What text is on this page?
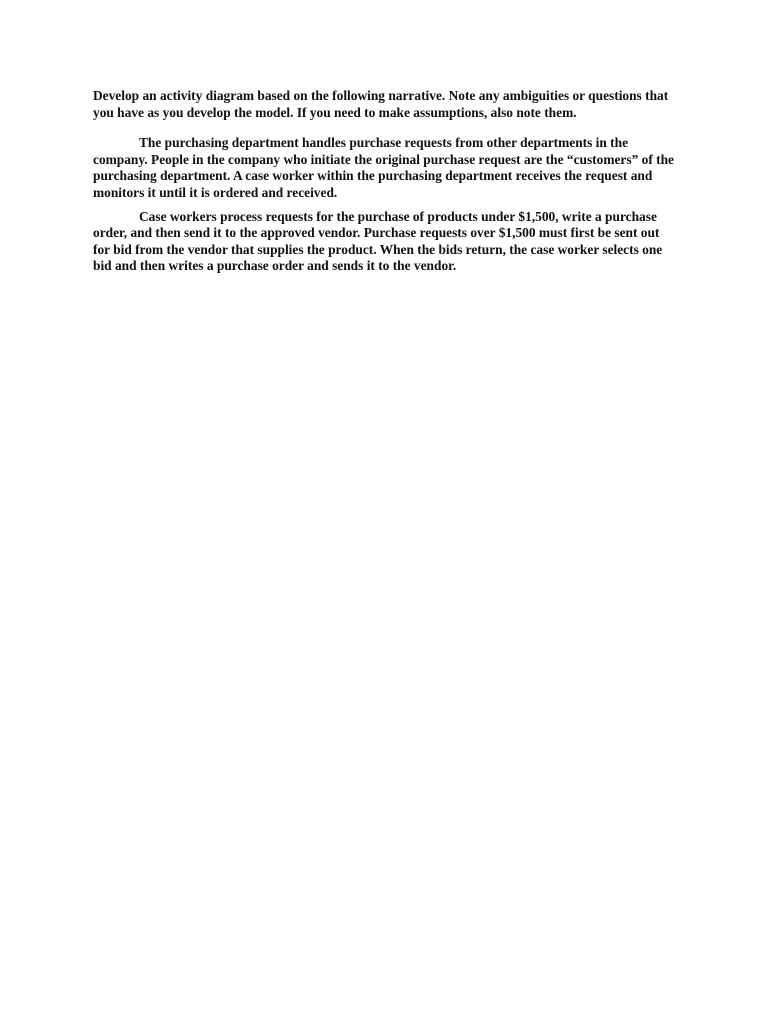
Develop an activity diagram based on the following narrative. Note any ambiguities or questions that you have as you develop the model. If you need to make assumptions, also note them.

The purchasing department handles purchase requests from other departments in the company. People in the company who initiate the original purchase request are the “customers” of the purchasing department. A case worker within the purchasing department receives the request and monitors it until it is ordered and received.

Case workers process requests for the purchase of products under $1,500, write a purchase order, and then send it to the approved vendor. Purchase requests over $1,500 must first be sent out for bid from the vendor that supplies the product. When the bids return, the case worker selects one bid and then writes a purchase order and sends it to the vendor.
